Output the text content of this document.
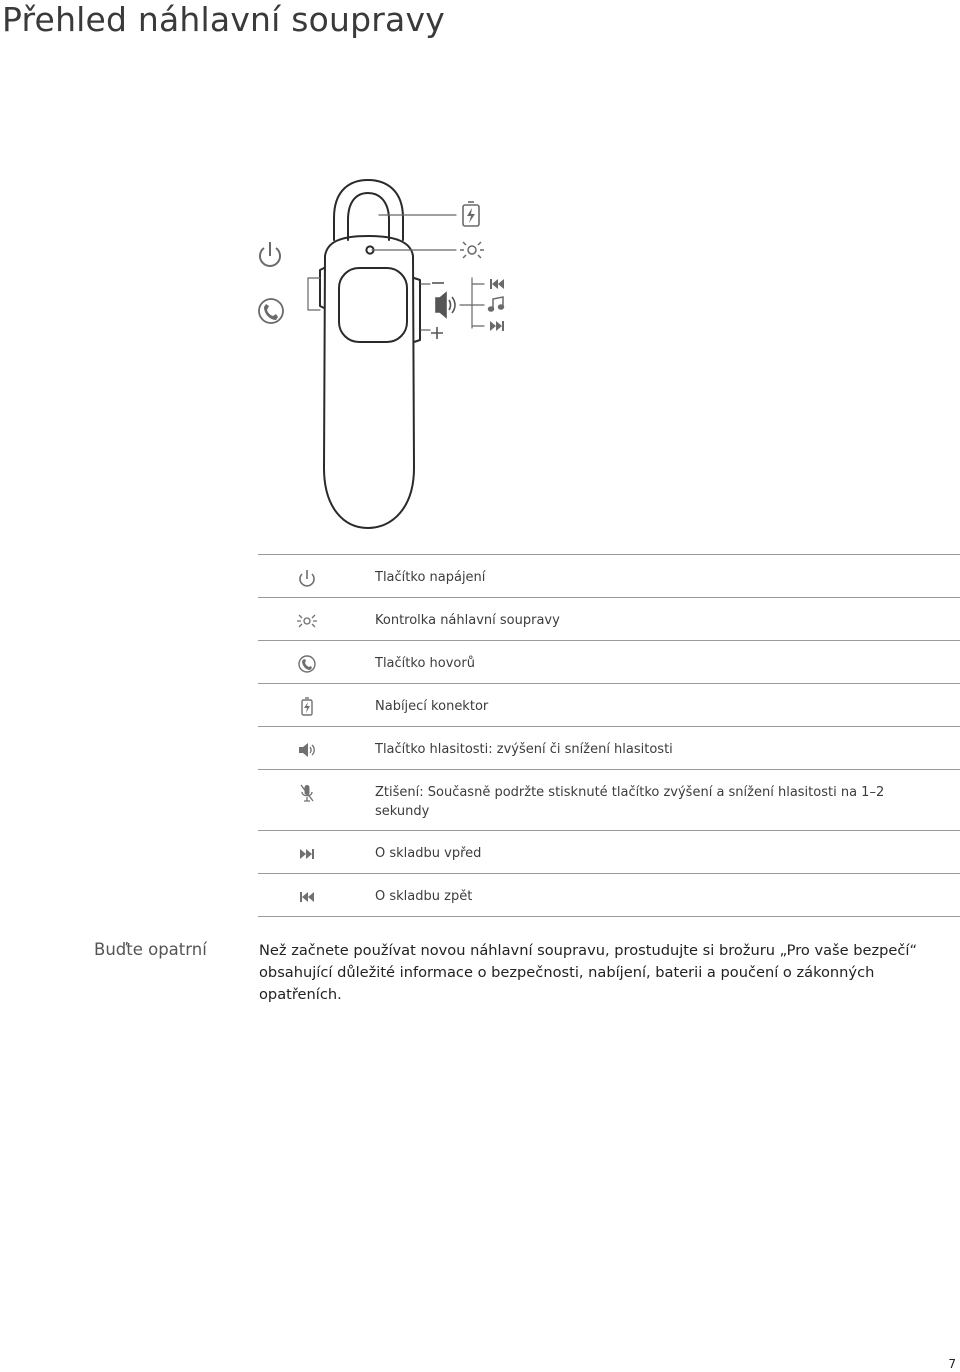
Přehled náhlavní soupravy
Tlačítko napájení
Kontrolka náhlavní soupravy
Tlačítko hovorů
Nabíjecí konektor
Tlačítko hlasitosti: zvýšení či snížení hlasitosti
Ztišení: Současně podržte stisknuté tlačítko zvýšení a snížení hlasitosti na 1–2 sekundy
O skladbu vpřed
O skladbu zpět
Buďte opatrní	Než začnete používat novou náhlavní soupravu, prostudujte si brožuru „Pro vaše bezpečí“ obsahující důležité informace o bezpečnosti, nabíjení, baterii a poučení o zákonných opatřeních.
7
